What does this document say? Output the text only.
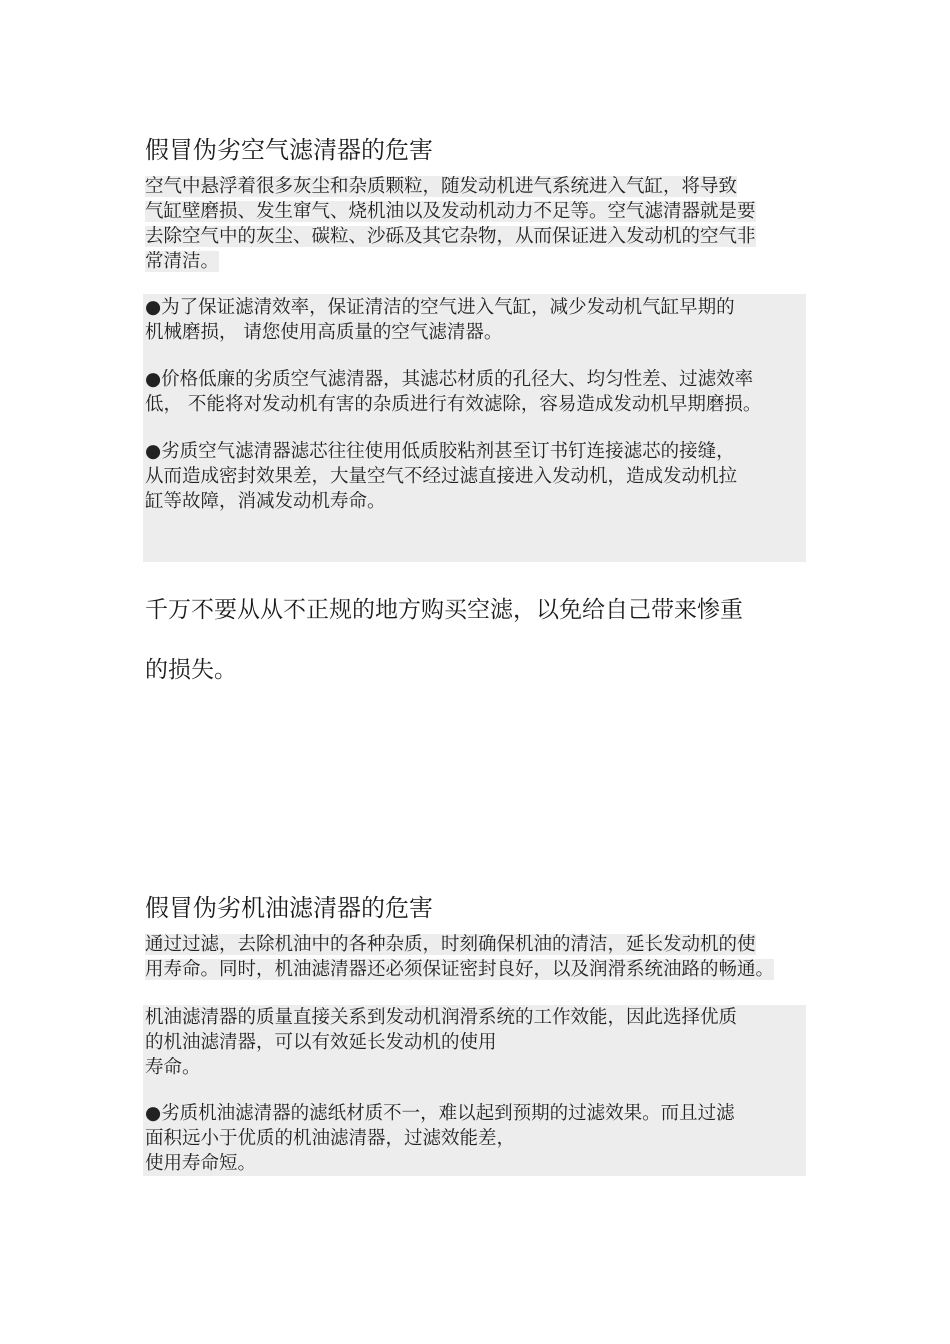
假冒伪劣空气滤清器的危害

空气中悬浮着很多灰尘和杂质颗粒，随发动机进气系统进入气缸，将导致
气缸壁磨损、发生窜气、烧机油以及发动机动力不足等。空气滤清器就是要
去除空气中的灰尘、碳粒、沙砾及其它杂物，从而保证进入发动机的空气非
常清洁。

●为了保证滤清效率，保证清洁的空气进入气缸，减少发动机气缸早期的
机械磨损， 请您使用高质量的空气滤清器。

●价格低廉的劣质空气滤清器，其滤芯材质的孔径大、均匀性差、过滤效率
低， 不能将对发动机有害的杂质进行有效滤除，容易造成发动机早期磨损。

●劣质空气滤清器滤芯往往使用低质胶粘剂甚至订书钉连接滤芯的接缝，
从而造成密封效果差，大量空气不经过滤直接进入发动机，造成发动机拉
缸等故障，消减发动机寿命。

千万不要从从不正规的地方购买空滤，以免给自己带来惨重
的损失。
假冒伪劣机油滤清器的危害

通过过滤，去除机油中的各种杂质，时刻确保机油的清洁，延长发动机的使
用寿命。同时，机油滤清器还必须保证密封良好，以及润滑系统油路的畅通。

机油滤清器的质量直接关系到发动机润滑系统的工作效能，因此选择优质
的机油滤清器，可以有效延长发动机的使用
寿命。

●劣质机油滤清器的滤纸材质不一，难以起到预期的过滤效果。而且过滤
面积远小于优质的机油滤清器，过滤效能差，
使用寿命短。
